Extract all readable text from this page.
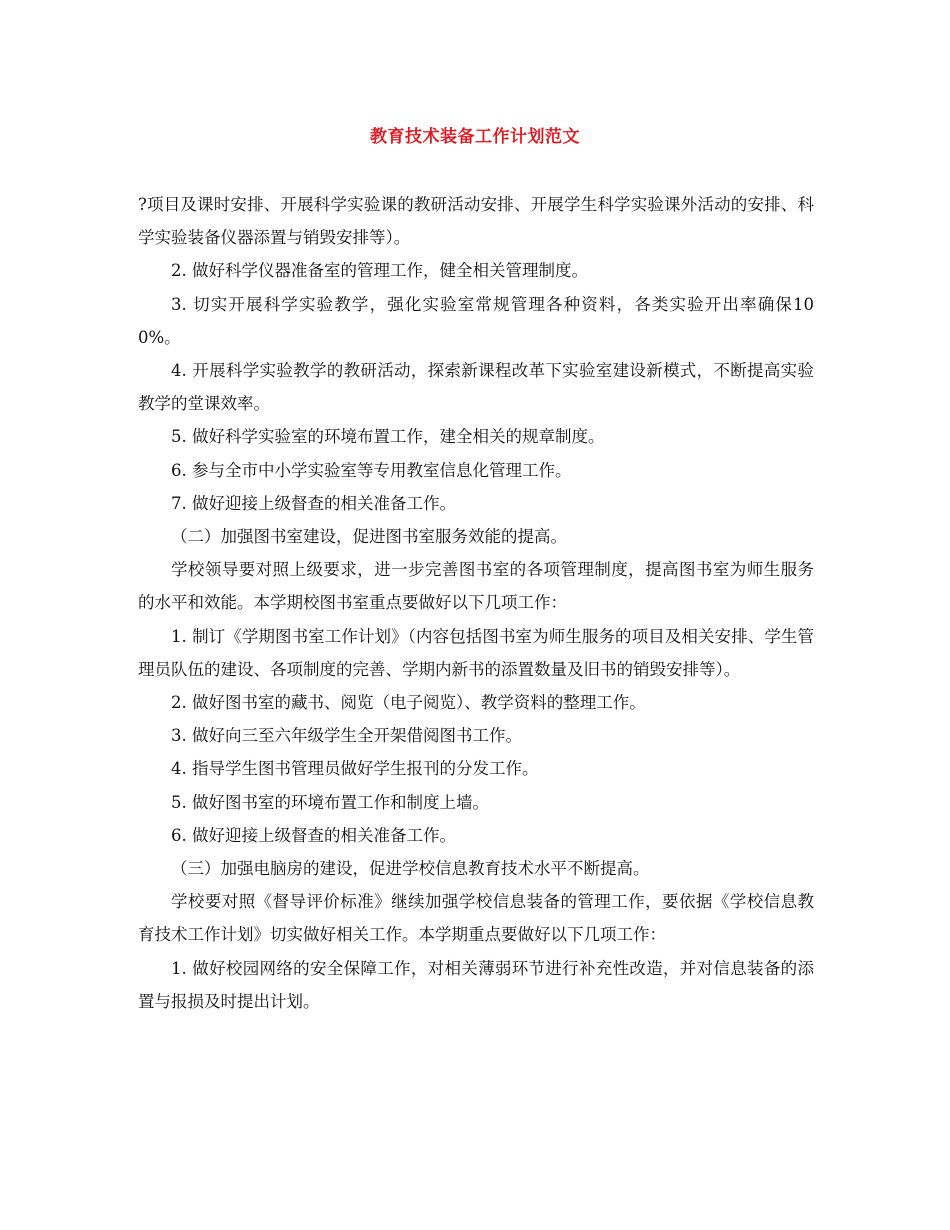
教育技术装备工作计划范文

?项目及课时安排、开展科学实验课的教研活动安排、开展学生科学实验课外活动的安排、科学实验装备仪器添置与销毁安排等）。

2. 做好科学仪器准备室的管理工作，健全相关管理制度。

3. 切实开展科学实验教学，强化实验室常规管理各种资料，各类实验开出率确保100%。

4. 开展科学实验教学的教研活动，探索新课程改革下实验室建设新模式，不断提高实验教学的堂课效率。

5. 做好科学实验室的环境布置工作，建全相关的规章制度。

6. 参与全市中小学实验室等专用教室信息化管理工作。

7. 做好迎接上级督查的相关准备工作。

（二）加强图书室建设，促进图书室服务效能的提高。

学校领导要对照上级要求，进一步完善图书室的各项管理制度，提高图书室为师生服务的水平和效能。本学期校图书室重点要做好以下几项工作：

1. 制订《学期图书室工作计划》（内容包括图书室为师生服务的项目及相关安排、学生管理员队伍的建设、各项制度的完善、学期内新书的添置数量及旧书的销毁安排等）。

2. 做好图书室的藏书、阅览（电子阅览）、教学资料的整理工作。

3. 做好向三至六年级学生全开架借阅图书工作。

4. 指导学生图书管理员做好学生报刊的分发工作。

5. 做好图书室的环境布置工作和制度上墙。

6. 做好迎接上级督查的相关准备工作。

（三）加强电脑房的建设，促进学校信息教育技术水平不断提高。

学校要对照《督导评价标准》继续加强学校信息装备的管理工作，要依据《学校信息教育技术工作计划》切实做好相关工作。本学期重点要做好以下几项工作：

1. 做好校园网络的安全保障工作，对相关薄弱环节进行补充性改造，并对信息装备的添置与报损及时提出计划。
